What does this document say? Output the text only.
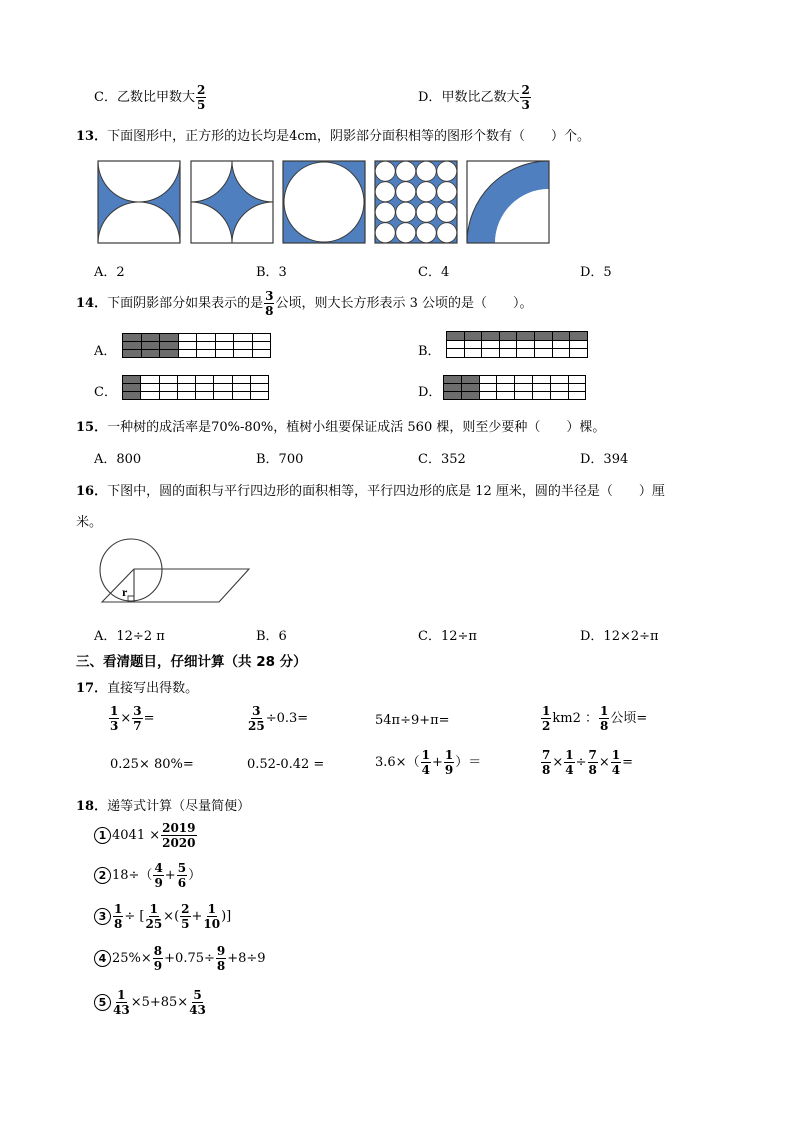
C．乙数比甲数大 $\frac{2}{5}$	D．甲数比乙数大 $\frac{2}{3}$
13．下面图形中，正方形的边长均是4cm，阴影部分面积相等的图形个数有（　　）个。
A．2	B．3	C．4	D．5
14．下面阴影部分如果表示的是 $\frac{3}{8}$ 公顷，则大长方形表示 3 公顷的是（　　）。
A．	B．
C．	D．
15．一种树的成活率是70%-80%，植树小组要保证成活 560 棵，则至少要种（　　）棵。
A．800	B．700	C．352	D．394
16．下图中，圆的面积与平行四边形的面积相等，平行四边形的底是 12 厘米，圆的半径是（　　）厘
米。
r
A．12÷2 π	B．6	C．12÷π	D．12×2÷π
三、看清题目，仔细计算（共 28 分）
17．直接写出得数。
$\frac{1}{3} \times \frac{3}{7}$ =	$\frac{3}{25} \div 0.3=$	54π÷9+π=	$\frac{1}{2} km2$ ： $\frac{1}{8}$ 公顷=
0.25× 80%=	0.52-0.42 =	$3.6\times( \frac{1}{4} + \frac{1}{9}$ ）＝	$\frac{7}{8} \times \frac{1}{4} \div \frac{7}{8} \times \frac{1}{4}$ =
18．递等式计算（尽量简便）
1 $4041 \times \frac{2019}{2020}$
2 $18\div( \frac{4}{9} + \frac{5}{6}$ ）
$3 \frac{1}{8}$ ÷ [ $\frac{1}{25}$ ×( $\frac{2}{5} + \frac{1}{10}$ )]
4 $25\%\times \frac{8}{9} +0.75\div \frac{9}{8} +8\div 9$
$5 \frac{1}{43} \times 5+85\times \frac{5}{43}$
